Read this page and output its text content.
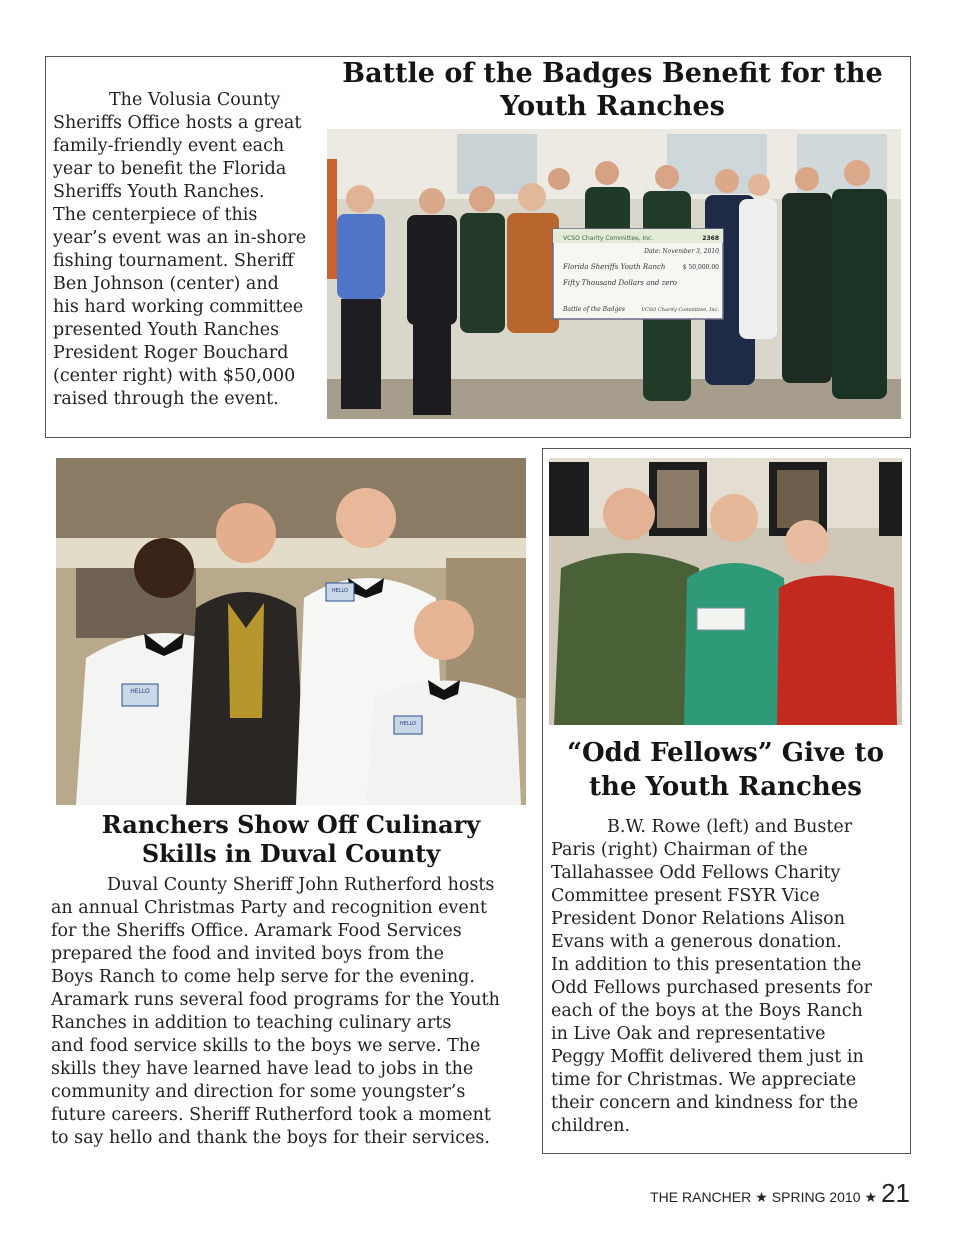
Battle of the Badges Benefit for the
Youth Ranches
The Volusia County
Sheriffs Office hosts a great
family-friendly event each
year to benefit the Florida
Sheriffs Youth Ranches.
The centerpiece of this
year’s event was an in-shore
fishing tournament. Sheriff
Ben Johnson (center) and
his hard working committee
presented Youth Ranches
President Roger Bouchard
(center right) with $50,000
raised through the event.
VCSO Charity Committee, Inc.	2368
Date: November 3, 2010
Florida Sheriffs Youth Ranch	$ 50,000.00
Fifty Thousand Dollars and zero
Battle of the Badges	VCSO Charity Committee, Inc.
HELLO
HELLO
HELLO
Ranchers Show Off Culinary
Skills in Duval County
Duval County Sheriff John Rutherford hosts
an annual Christmas Party and recognition event
for the Sheriffs Office. Aramark Food Services
prepared the food and invited boys from the
Boys Ranch to come help serve for the evening.
Aramark runs several food programs for the Youth
Ranches in addition to teaching culinary arts
and food service skills to the boys we serve. The
skills they have learned have lead to jobs in the
community and direction for some youngster’s
future careers. Sheriff Rutherford took a moment
to say hello and thank the boys for their services.
“Odd Fellows” Give to
the Youth Ranches
B.W. Rowe (left) and Buster
Paris (right) Chairman of the
Tallahassee Odd Fellows Charity
Committee present FSYR Vice
President Donor Relations Alison
Evans with a generous donation.
In addition to this presentation the
Odd Fellows purchased presents for
each of the boys at the Boys Ranch
in Live Oak and representative
Peggy Moffit delivered them just in
time for Christmas. We appreciate
their concern and kindness for the
children.
THE RANCHER ★ SPRING 2010 ★ 21
